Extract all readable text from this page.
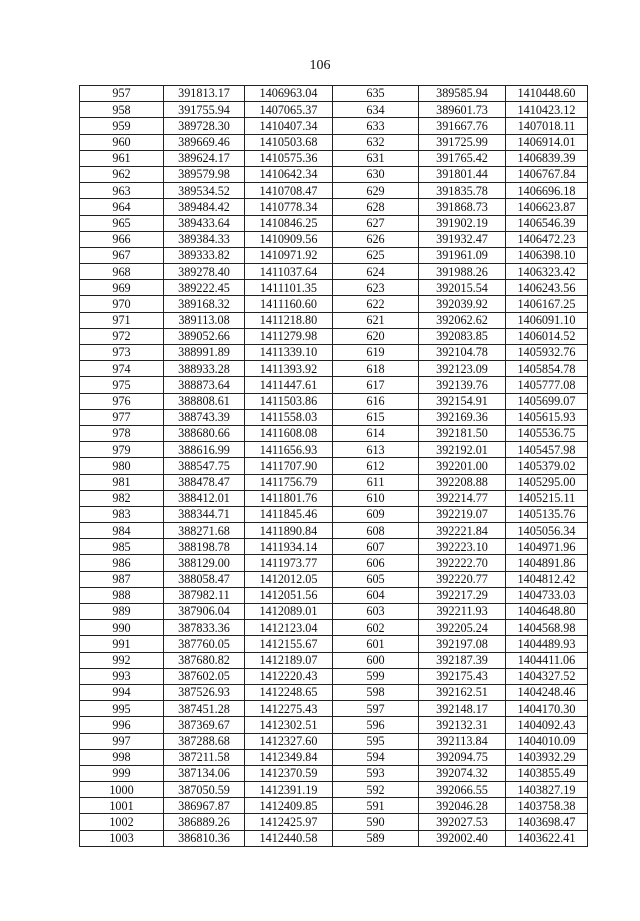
106
957	391813.17	1406963.04	635	389585.94	1410448.60
958	391755.94	1407065.37	634	389601.73	1410423.12
959	389728.30	1410407.34	633	391667.76	1407018.11
960	389669.46	1410503.68	632	391725.99	1406914.01
961	389624.17	1410575.36	631	391765.42	1406839.39
962	389579.98	1410642.34	630	391801.44	1406767.84
963	389534.52	1410708.47	629	391835.78	1406696.18
964	389484.42	1410778.34	628	391868.73	1406623.87
965	389433.64	1410846.25	627	391902.19	1406546.39
966	389384.33	1410909.56	626	391932.47	1406472.23
967	389333.82	1410971.92	625	391961.09	1406398.10
968	389278.40	1411037.64	624	391988.26	1406323.42
969	389222.45	1411101.35	623	392015.54	1406243.56
970	389168.32	1411160.60	622	392039.92	1406167.25
971	389113.08	1411218.80	621	392062.62	1406091.10
972	389052.66	1411279.98	620	392083.85	1406014.52
973	388991.89	1411339.10	619	392104.78	1405932.76
974	388933.28	1411393.92	618	392123.09	1405854.78
975	388873.64	1411447.61	617	392139.76	1405777.08
976	388808.61	1411503.86	616	392154.91	1405699.07
977	388743.39	1411558.03	615	392169.36	1405615.93
978	388680.66	1411608.08	614	392181.50	1405536.75
979	388616.99	1411656.93	613	392192.01	1405457.98
980	388547.75	1411707.90	612	392201.00	1405379.02
981	388478.47	1411756.79	611	392208.88	1405295.00
982	388412.01	1411801.76	610	392214.77	1405215.11
983	388344.71	1411845.46	609	392219.07	1405135.76
984	388271.68	1411890.84	608	392221.84	1405056.34
985	388198.78	1411934.14	607	392223.10	1404971.96
986	388129.00	1411973.77	606	392222.70	1404891.86
987	388058.47	1412012.05	605	392220.77	1404812.42
988	387982.11	1412051.56	604	392217.29	1404733.03
989	387906.04	1412089.01	603	392211.93	1404648.80
990	387833.36	1412123.04	602	392205.24	1404568.98
991	387760.05	1412155.67	601	392197.08	1404489.93
992	387680.82	1412189.07	600	392187.39	1404411.06
993	387602.05	1412220.43	599	392175.43	1404327.52
994	387526.93	1412248.65	598	392162.51	1404248.46
995	387451.28	1412275.43	597	392148.17	1404170.30
996	387369.67	1412302.51	596	392132.31	1404092.43
997	387288.68	1412327.60	595	392113.84	1404010.09
998	387211.58	1412349.84	594	392094.75	1403932.29
999	387134.06	1412370.59	593	392074.32	1403855.49
1000	387050.59	1412391.19	592	392066.55	1403827.19
1001	386967.87	1412409.85	591	392046.28	1403758.38
1002	386889.26	1412425.97	590	392027.53	1403698.47
1003	386810.36	1412440.58	589	392002.40	1403622.41
